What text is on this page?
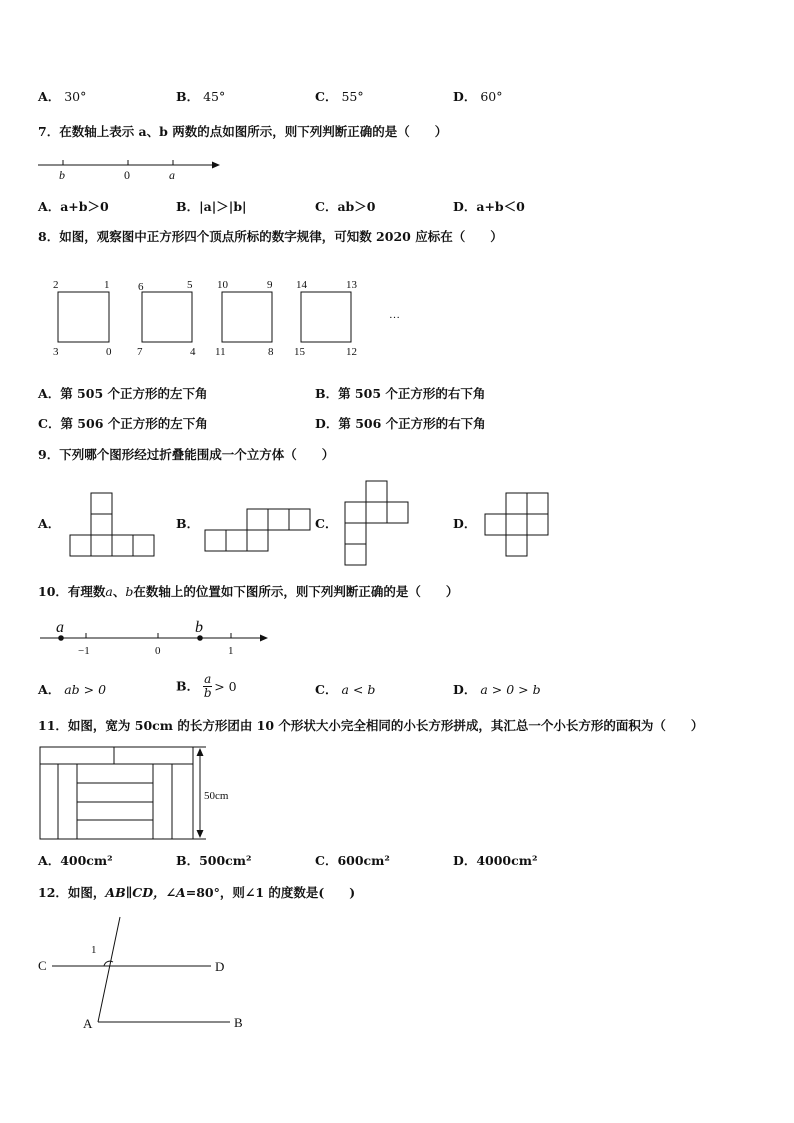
A． 30°	B． 45°	C． 55°	D． 60°
7．在数轴上表示 a、b 两数的点如图所示，则下列判断正确的是（　　）
b	0	a
A．a+b＞0	B．|a|＞|b|	C．ab＞0	D．a+b＜0
8．如图，观察图中正方形四个顶点所标的数字规律，可知数 2020 应标在（　　）
2	1
3	0
6	5
7	4
10	9
11	8
14	13
15	12
…
A．第 505 个正方形的左下角	B．第 505 个正方形的右下角
C．第 506 个正方形的左下角	D．第 506 个正方形的右下角
9．下列哪个图形经过折叠能围成一个立方体（　　）
A．	B．	C．	D．
10．有理数a、b在数轴上的位置如下图所示，则下列判断正确的是（　　）
a	b
−1	0	1
A． ab > 0	B． $\frac{a}{b} > 0$	C． a < b	D． a > 0 > b
11．如图，宽为 50cm 的长方形团由 10 个形状大小完全相同的小长方形拼成，其汇总一个小长方形的面积为（　　）
50cm
A．400cm²	B．500cm²	C．600cm²	D．4000cm²
12．如图，AB∥CD，∠A=80°，则∠1 的度数是(　　)
C	D
A	B
1
